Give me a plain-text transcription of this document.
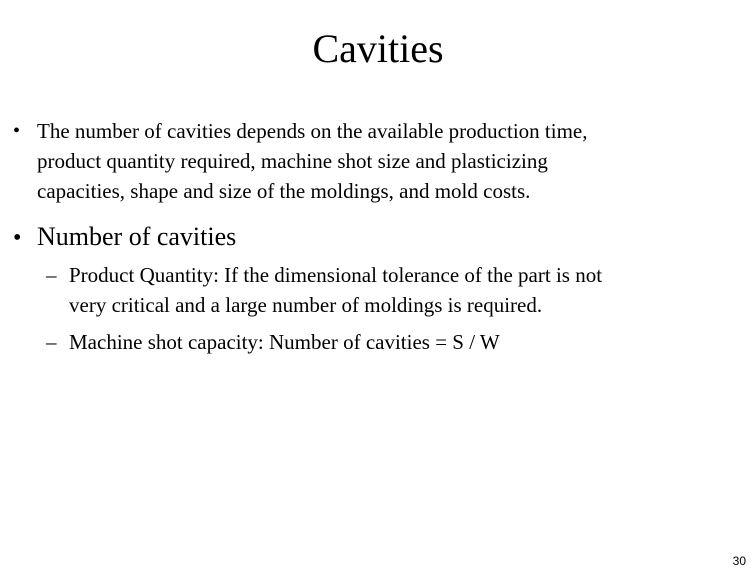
Cavities
• The number of cavities depends on the available production time,
product quantity required, machine shot size and plasticizing
capacities, shape and size of the moldings, and mold costs.
• Number of cavities
– Product Quantity: If the dimensional tolerance of the part is not
very critical and a large number of moldings is required.
– Machine shot capacity: Number of cavities = S / W
30
